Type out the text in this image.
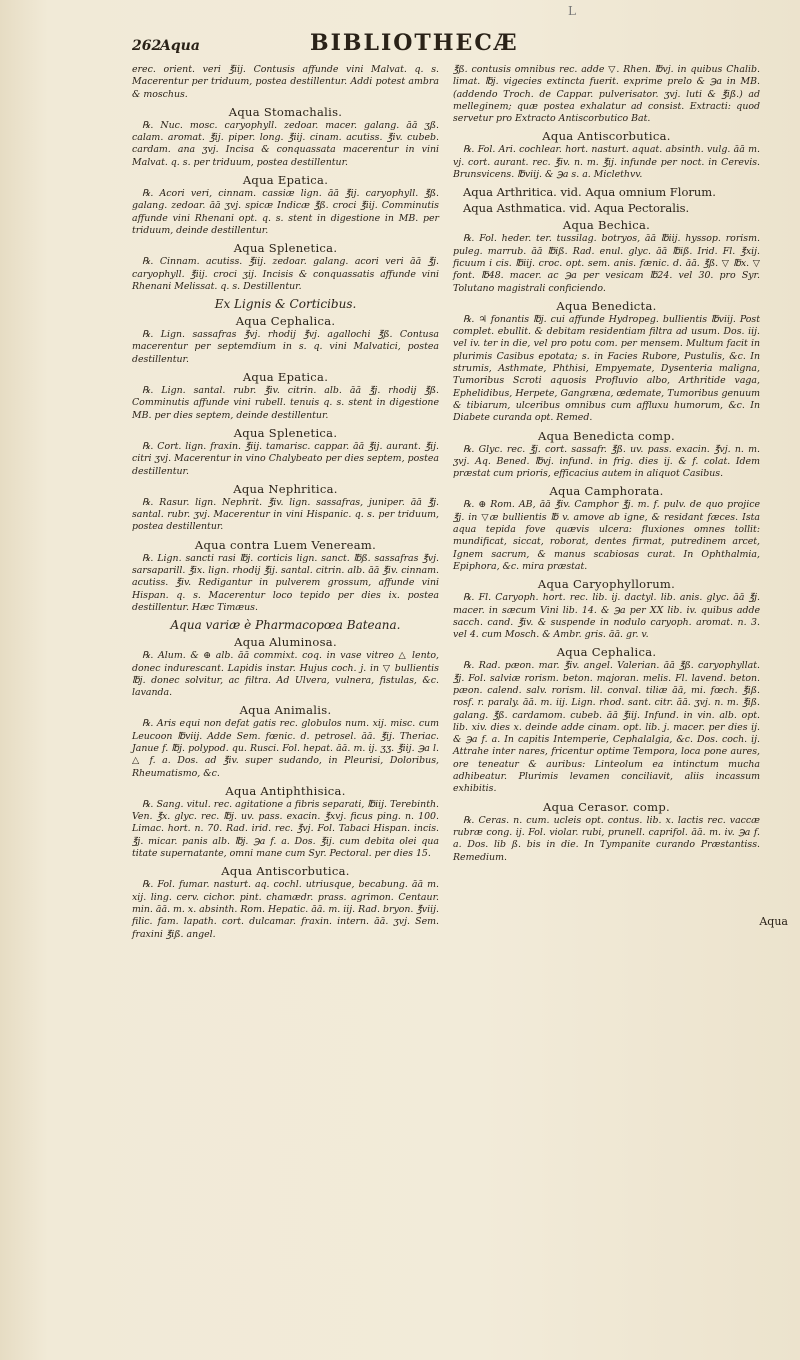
L
262
Aqua	BIBLIOTHECÆ
erec. orient. veri ℥iij. Contusis affunde vini Malvat. q. s. Macerentur per triduum, postea destillentur. Addi potest ambra & moschus.
Aqua Stomachalis.
℞. Nuc. mosc. caryophyll. zedoar. macer. galang. āā ʒß. calam. aromat. ℥ij. piper. long. ℥iij. cinam. acutiss. ℥iv. cubeb. cardam. ana ʒvj. Incisa & conquassata macerentur in vini Malvat. q. s. per triduum, postea destillentur.
Aqua Epatica.
℞. Acori veri, cinnam. cassiæ lign. āā ℥ij. caryophyll. ℥ß. galang. zedoar. āā ʒvj. spicæ Indicæ ℥ß. croci ℥iij. Comminutis affunde vini Rhenani opt. q. s. stent in digestione in MB. per triduum, deinde destillentur.
Aqua Splenetica.
℞. Cinnam. acutiss. ℥iij. zedoar. galang. acori veri āā ℥j. caryophyll. ℥iij. croci ʒij. Incisis & conquassatis affunde vini Rhenani Melissat. q. s. Destillentur.
Ex Lignis & Corticibus.
Aqua Cephalica.
℞. Lign. sassafras ℥vj. rhodij ℥vj. agallochi ℥ß. Contusa macerentur per septemdium in s. q. vini Malvatici, postea destillentur.
Aqua Epatica.
℞. Lign. santal. rubr. ℥iv. citrin. alb. āā ℥j. rhodij ℥ß. Comminutis affunde vini rubell. tenuis q. s. stent in digestione MB. per dies septem, deinde destillentur.
Aqua Splenetica.
℞. Cort. lign. fraxin. ℥iij. tamarisc. cappar. āā ℥ij. aurant. ℥ij. citri ʒvj. Macerentur in vino Chalybeato per dies septem, postea destillentur.
Aqua Nephritica.
℞. Rasur. lign. Nephrit. ℥iv. lign. sassafras, juniper. āā ℥j. santal. rubr. ʒvj. Macerentur in vini Hispanic. q. s. per triduum, postea destillentur.
Aqua contra Luem Veneream.
℞. Lign. sancti rasi ℔j. corticis lign. sanct. ℔ß. sassafras ℥vj. sarsaparill. ℥ix. lign. rhodij ℥ij. santal. citrin. alb. āā ℥iv. cinnam. acutiss. ℥iv. Redigantur in pulverem grossum, affunde vini Hispan. q. s. Macerentur loco tepido per dies ix. postea destillentur. Hæc Timæus.
Aqua variæ è Pharmacopœa Bateana.
Aqua Aluminosa.
℞. Alum. & ⊕ alb. āā commixt. coq. in vase vitreo △ lento, donec indurescant. Lapidis instar. Hujus coch. j. in ▽ bullientis ℔j. donec solvitur, ac filtra. Ad Ulvera, vulnera, fistulas, &c. lavanda.
Aqua Animalis.
℞. Aris equi non defat gatis rec. globulos num. xij. misc. cum Leucoon ℔viij. Adde Sem. fœnic. d. petrosel. āā. ℥ij. Theriac. Janue f. ℔j. polypod. qu. Rusci. Fol. hepat. āā. m. ij. ʒʒ. ℥iij. ℈a l. △ f. a. Dos. ad ℥iv. super sudando, in Pleurisi, Doloribus, Rheumatismo, &c.
Aqua Antiphthisica.
℞. Sang. vitul. rec. agitatione a fibris separati, ℔iij. Terebinth. Ven. ℥x. glyc. rec. ℔j. uv. pass. exacin. ℥xvj. ficus ping. n. 100. Limac. hort. n. 70. Rad. irid. rec. ℥vj. Fol. Tabaci Hispan. incis. ℥j. micar. panis alb. ℔j. ℈a f. a. Dos. ℥ij. cum debita olei qua titate supernatante, omni mane cum Syr. Pectoral. per dies 15.
Aqua Antiscorbutica.
℞. Fol. fumar. nasturt. aq. cochl. utriusque, becabung. āā m. xij. ling. cerv. cichor. pint. chamædr. prass. agrimon. Centaur. min. āā. m. x. absinth. Rom. Hepatic. āā. m. iij. Rad. bryon. ℥viij. filic. fam. lapath. cort. dulcamar. fraxin. intern. āā. ʒvj. Sem. fraxini ℥iß. angel.
℥ß. contusis omnibus rec. adde ▽. Rhen. ℔vj. in quibus Chalib. limat. ℔j. vigecies extincta fuerit. exprime prelo & ℈a in MB. (addendo Troch. de Cappar. pulverisator. ʒvj. luti & ℥iß.) ad melleginem; quæ postea exhalatur ad consist. Extracti: quod servetur pro Extracto Antiscorbutico Bat.
Aqua Antiscorbutica.
℞. Fol. Ari. cochlear. hort. nasturt. aquat. absinth. vulg. āā m. vj. cort. aurant. rec. ℥iv. n. m. ℥ij. infunde per noct. in Cerevis. Brunsvicens. ℔viij. & ℈a s. a. Miclethvv.
Aqua Arthritica. vid. Aqua omnium Florum.
Aqua Asthmatica. vid. Aqua Pectoralis.
Aqua Bechica.
℞. Fol. heder. ter. tussilag. botryos, āā ℔iij. hyssop. rorism. puleg. marrub. āā ℔iß. Rad. enul. glyc. āā ℔iß. Irid. Fl. ℥xij. ficuum i cis. ℔iij. croc. opt. sem. anis. fænic. d. āā. ℥ß. ▽ ℔x. ▽ font. ℔48. macer. ac ℈a per vesicam ℔24. vel 30. pro Syr. Tolutano magistrali conficiendo.
Aqua Benedicta.
℞. ♃ fonantis ℔j. cui affunde Hydropeg. bullientis ℔viij. Post complet. ebullit. & debitam residentiam filtra ad usum. Dos. iij. vel iv. ter in die, vel pro potu com. per mensem. Multum facit in plurimis Casibus epotata; s. in Facies Rubore, Pustulis, &c. In strumis, Asthmate, Phthisi, Empyemate, Dysenteria maligna, Tumoribus Scroti aquosis Profluvio albo, Arthritide vaga, Ephelidibus, Herpete, Gangræna, œdemate, Tumoribus genuum & tibiarum, ulceribus omnibus cum affluxu humorum, &c. In Diabete curanda opt. Remed.
Aqua Benedicta comp.
℞. Glyc. rec. ℥j. cort. sassafr. ℥ß. uv. pass. exacin. ℥vj. n. m. ʒvj. Aq. Bened. ℔vj. infund. in frig. dies ij. & f. colat. Idem præstat cum prioris, efficacius autem in aliquot Casibus.
Aqua Camphorata.
℞. ⊕ Rom. AB, āā ℥iv. Camphor ℥j. m. f. pulv. de quo projice ℥j. in ▽æ bullientis ℔ v. amove ab igne, & residant fæces. Ista aqua tepida fove quævis ulcera: fluxiones omnes tollit: mundificat, siccat, roborat, dentes firmat, putredinem arcet, Ignem sacrum, & manus scabiosas curat. In Ophthalmia, Epiphora, &c. mira præstat.
Aqua Caryophyllorum.
℞. Fl. Caryoph. hort. rec. lib. ij. dactyl. lib. anis. glyc. āā ℥j. macer. in sæcum Vini lib. 14. & ℈a per XX lib. iv. quibus adde sacch. cand. ℥iv. & suspende in nodulo caryoph. aromat. n. 3. vel 4. cum Mosch. & Ambr. gris. āā. gr. v.
Aqua Cephalica.
℞. Rad. pæon. mar. ℥iv. angel. Valerian. āā ℥ß. caryophyllat. ℥j. Fol. salviæ rorism. beton. majoran. melis. Fl. lavend. beton. pæon. calend. salv. rorism. lil. conval. tiliæ āā, mi. fœch. ℥iß. rosf. r. paraly. āā. m. iij. Lign. rhod. sant. citr. āā. ʒvj. n. m. ℥iß. galang. ℥ß. cardamom. cubeb. āā ℥iij. Infund. in vin. alb. opt. lib. xiv. dies x. deinde adde cinam. opt. lib. j. macer. per dies ij. & ℈a f. a. In capitis Intemperie, Cephalalgia, &c. Dos. coch. ij. Attrahe inter nares, fricentur optime Tempora, loca pone aures, ore teneatur & auribus: Linteolum ea intinctum mucha adhibeatur. Plurimis levamen conciliavit, aliis incassum exhibitis.
Aqua Cerasor. comp.
℞. Ceras. n. cum. ucleis opt. contus. lib. x. lactis rec. vaccæ rubræ cong. ij. Fol. violar. rubi, prunell. caprifol. āā. m. iv. ℈a f. a. Dos. lib ß. bis in die. In Tympanite curando Præstantiss. Remedium.
Aqua
